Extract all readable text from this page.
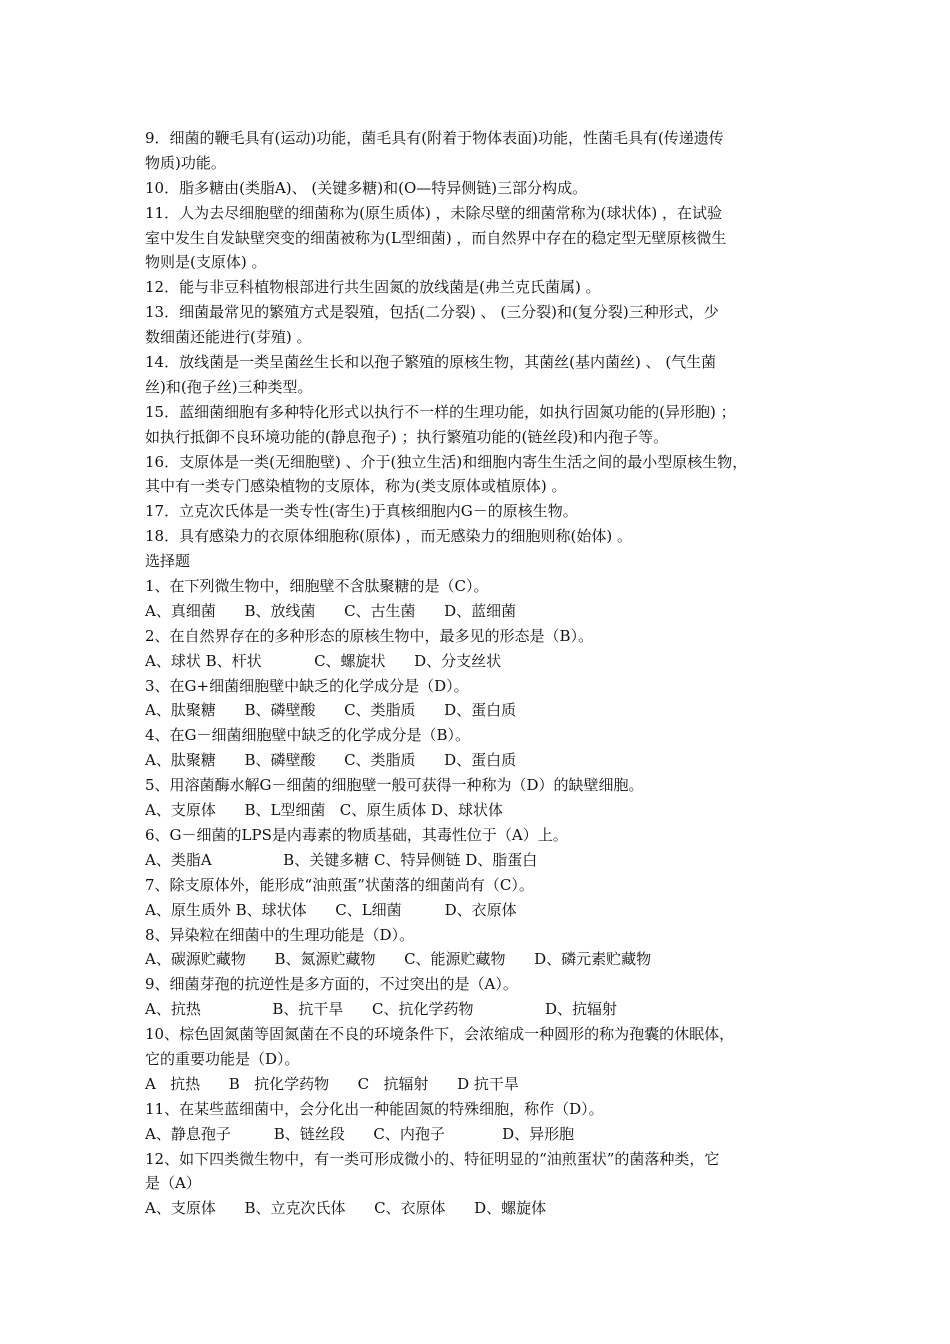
9．细菌的鞭毛具有(运动)功能，菌毛具有(附着于物体表面)功能，性菌毛具有(传递遗传
物质)功能。
10．脂多糖由(类脂A)、 (关键多糖)和(O—特异侧链)三部分构成。
11．人为去尽细胞壁的细菌称为(原生质体) ，未除尽壁的细菌常称为(球状体) ，在试验
室中发生自发缺壁突变的细菌被称为(L型细菌) ，而自然界中存在的稳定型无壁原核微生
物则是(支原体) 。
12．能与非豆科植物根部进行共生固氮的放线菌是(弗兰克氏菌属) 。
13．细菌最常见的繁殖方式是裂殖，包括(二分裂) 、 (三分裂)和(复分裂)三种形式，少
数细菌还能进行(芽殖) 。
14．放线菌是一类呈菌丝生长和以孢子繁殖的原核生物，其菌丝(基内菌丝) 、 (气生菌
丝)和(孢子丝)三种类型。
15．蓝细菌细胞有多种特化形式以执行不一样的生理功能，如执行固氮功能的(异形胞) ；
如执行抵御不良环境功能的(静息孢子) ；执行繁殖功能的(链丝段)和内孢子等。
16．支原体是一类(无细胞壁) 、介于(独立生活)和细胞内寄生生活之间的最小型原核生物，
其中有一类专门感染植物的支原体，称为(类支原体或植原体) 。
17．立克次氏体是一类专性(寄生)于真核细胞内G－的原核生物。
18．具有感染力的衣原体细胞称(原体) ，而无感染力的细胞则称(始体) 。
选择题
1、在下列微生物中，细胞壁不含肽聚糖的是（C）。
A、真细菌      B、放线菌      C、古生菌      D、蓝细菌
2、在自然界存在的多种形态的原核生物中，最多见的形态是（B）。
A、球状 B、杆状           C、螺旋状      D、分支丝状
3、在G+细菌细胞壁中缺乏的化学成分是（D）。
A、肽聚糖      B、磷壁酸      C、类脂质      D、蛋白质
4、在G－细菌细胞壁中缺乏的化学成分是（B）。
A、肽聚糖      B、磷壁酸      C、类脂质      D、蛋白质
5、用溶菌酶水解G－细菌的细胞壁一般可获得一种称为（D）的缺壁细胞。
A、支原体      B、L型细菌   C、原生质体 D、球状体
6、G－细菌的LPS是内毒素的物质基础，其毒性位于（A）上。
A、类脂A               B、关键多糖 C、特异侧链 D、脂蛋白
7、除支原体外，能形成“油煎蛋”状菌落的细菌尚有（C）。
A、原生质外 B、球状体      C、L细菌         D、衣原体
8、异染粒在细菌中的生理功能是（D）。
A、碳源贮藏物      B、氮源贮藏物      C、能源贮藏物      D、磷元素贮藏物
9、细菌芽孢的抗逆性是多方面的，不过突出的是（A）。
A、抗热               B、抗干旱      C、抗化学药物               D、抗辐射
10、棕色固氮菌等固氮菌在不良的环境条件下，会浓缩成一种圆形的称为孢囊的休眠体，
它的重要功能是（D）。
A   抗热      B   抗化学药物      C   抗辐射      D 抗干旱
11、在某些蓝细菌中，会分化出一种能固氮的特殊细胞，称作（D）。
A、静息孢子         B、链丝段      C、内孢子            D、异形胞
12、如下四类微生物中，有一类可形成微小的、特征明显的“油煎蛋状”的菌落种类，它
是（A）
A、支原体      B、立克次氏体      C、衣原体      D、螺旋体
